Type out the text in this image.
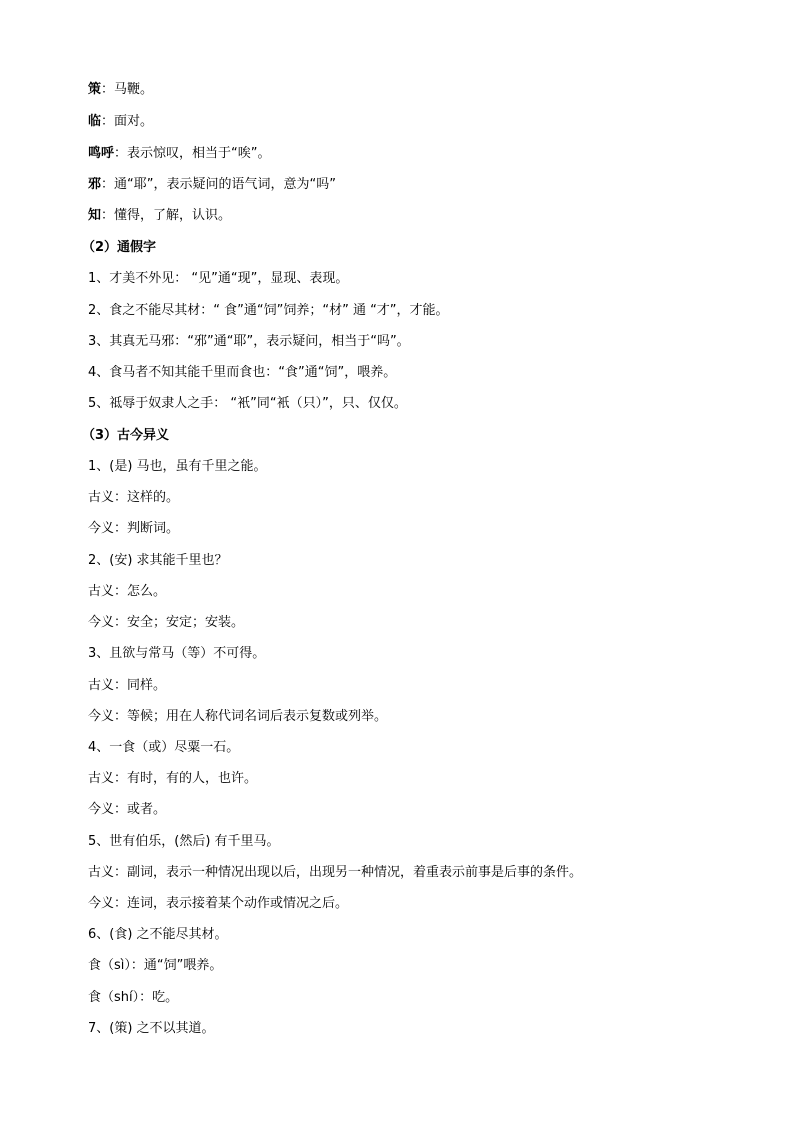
策：马鞭。
临：面对。
鸣呼：表示惊叹，相当于“唉”。
邪：通“耶”，表示疑问的语气词，意为“吗”
知：懂得，了解，认识。
（2）通假字
1、才美不外见： “见”通“现”，显现、表现。
2、食之不能尽其材：“ 食”通“饲”饲养；“材” 通 “才”，才能。
3、其真无马邪：“邪”通“耶”，表示疑问，相当于“吗”。
4、食马者不知其能千里而食也：“食”通“饲”，喂养。
5、祗辱于奴隶人之手： “衹”同“衹（只）”，只、仅仅。
（3）古今异义
1、(是) 马也，虽有千里之能。
古义：这样的。
今义：判断词。
2、(安) 求其能千里也？
古义：怎么。
今义：安全；安定；安装。
3、且欲与常马（等）不可得。
古义：同样。
今义：等候；用在人称代词名词后表示复数或列举。
4、一食（或）尽粟一石。
古义：有时，有的人，也许。
今义：或者。
5、世有伯乐，(然后) 有千里马。
古义：副词，表示一种情况出现以后，出现另一种情况，着重表示前事是后事的条件。
今义：连词，表示接着某个动作或情况之后。
6、(食) 之不能尽其材。
食（sì）：通“饲”喂养。
食（shí）：吃。
7、(策) 之不以其道。
